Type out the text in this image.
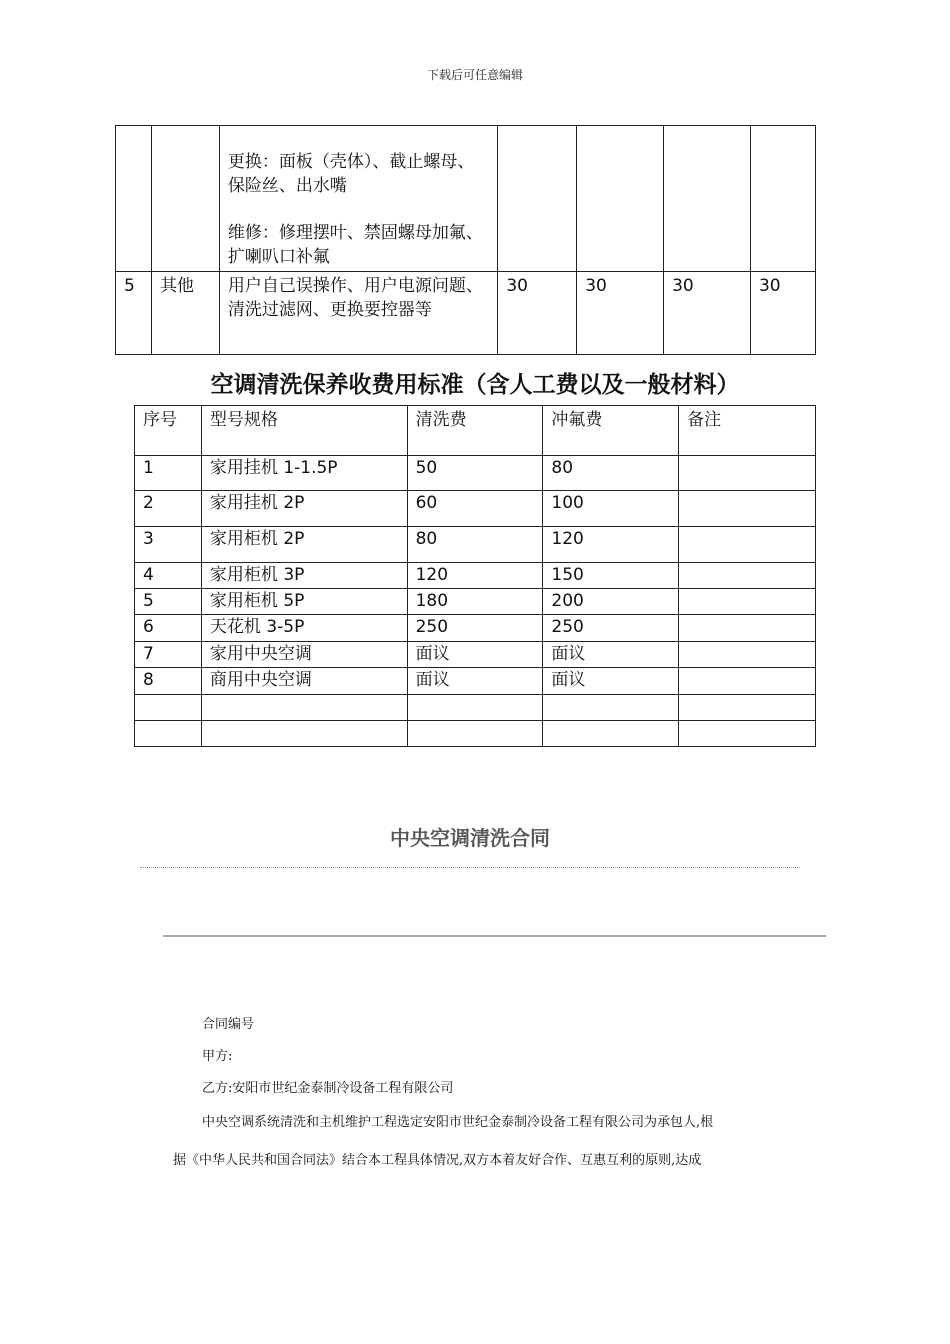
下载后可任意编辑

		更换：面板（壳体）、截止螺母、保险丝、出水嘴

维修：修理摆叶、禁固螺母加氟、扩喇叭口补氟				

5	其他	用户自己误操作、用户电源问题、清洗过滤网、更换要控器等	30	30	30	30
空调清洗保养收费用标准（含人工费以及一般材料）
序号	型号规格	清洗费	冲氟费	备注
1	家用挂机 1-1.5P	50	80	
2	家用挂机 2P	60	100	
3	家用柜机 2P	80	120	
4	家用柜机 3P	120	150	
5	家用柜机 5P	180	200	
6	天花机 3-5P	250	250	
7	家用中央空调	面议	面议	
8	商用中央空调	面议	面议	

中央空调清洗合同
合同编号
甲方:
乙方:安阳市世纪金泰制冷设备工程有限公司
中央空调系统清洗和主机维护工程选定安阳市世纪金泰制冷设备工程有限公司为承包人,根
据《中华人民共和国合同法》结合本工程具体情况,双方本着友好合作、互惠互利的原则,达成
